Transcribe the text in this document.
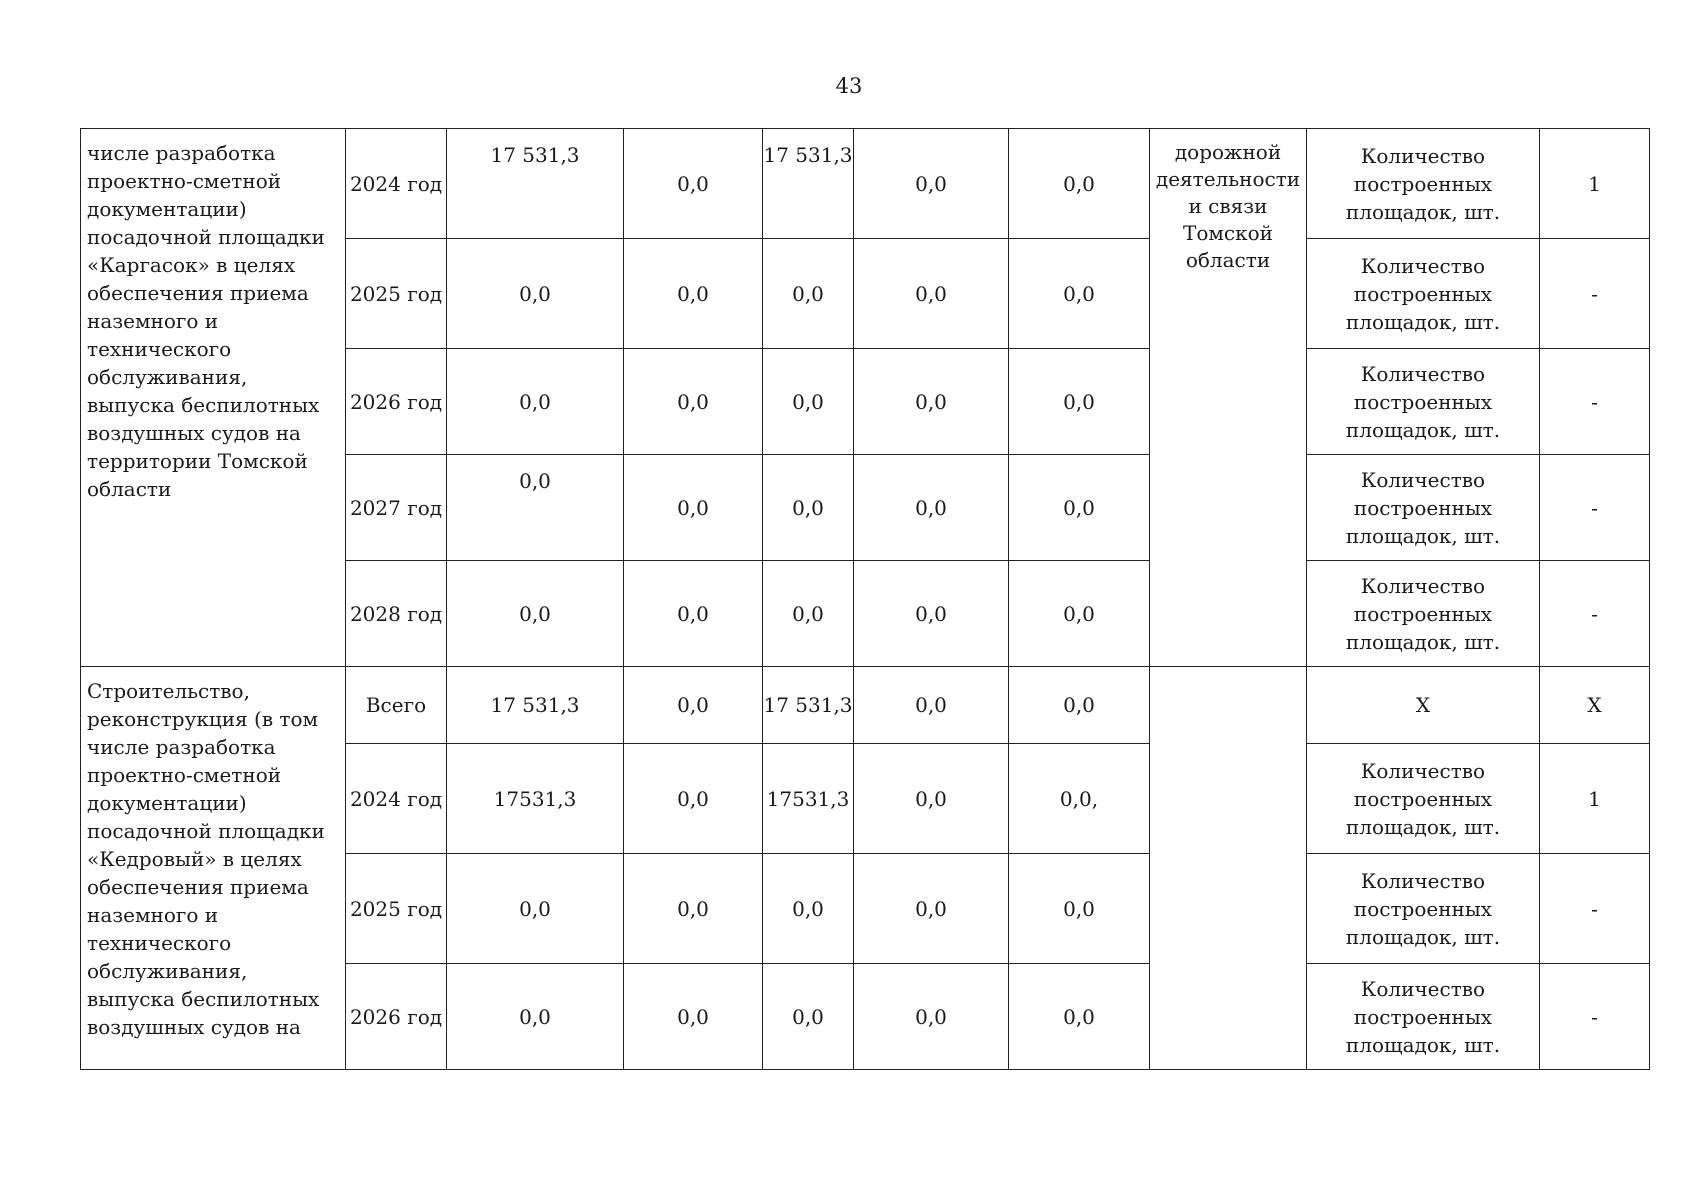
43
числе разработка проектно-сметной документации) посадочной площадки «Каргасок» в целях обеспечения приема наземного и технического обслуживания, выпуска беспилотных воздушных судов на территории Томской области	2024 год	17 531,3	0,0	17 531,3	0,0	0,0	дорожной деятельности и связи Томской области	Количество построенных площадок, шт.	1
	2025 год	0,0	0,0	0,0	0,0	0,0		Количество построенных площадок, шт.	-
	2026 год	0,0	0,0	0,0	0,0	0,0		Количество построенных площадок, шт.	-
	2027 год	0,0	0,0	0,0	0,0	0,0		Количество построенных площадок, шт.	-
	2028 год	0,0	0,0	0,0	0,0	0,0		Количество построенных площадок, шт.	-
Строительство, реконструкция (в том числе разработка проектно-сметной документации) посадочной площадки «Кедровый» в целях обеспечения приема наземного и технического обслуживания, выпуска беспилотных воздушных судов на	Всего	17 531,3	0,0	17 531,3	0,0	0,0		X	X
	2024 год	17531,3	0,0	17531,3	0,0	0,0,		Количество построенных площадок, шт.	1
	2025 год	0,0	0,0	0,0	0,0	0,0		Количество построенных площадок, шт.	-
	2026 год	0,0	0,0	0,0	0,0	0,0		Количество построенных площадок, шт.	-
